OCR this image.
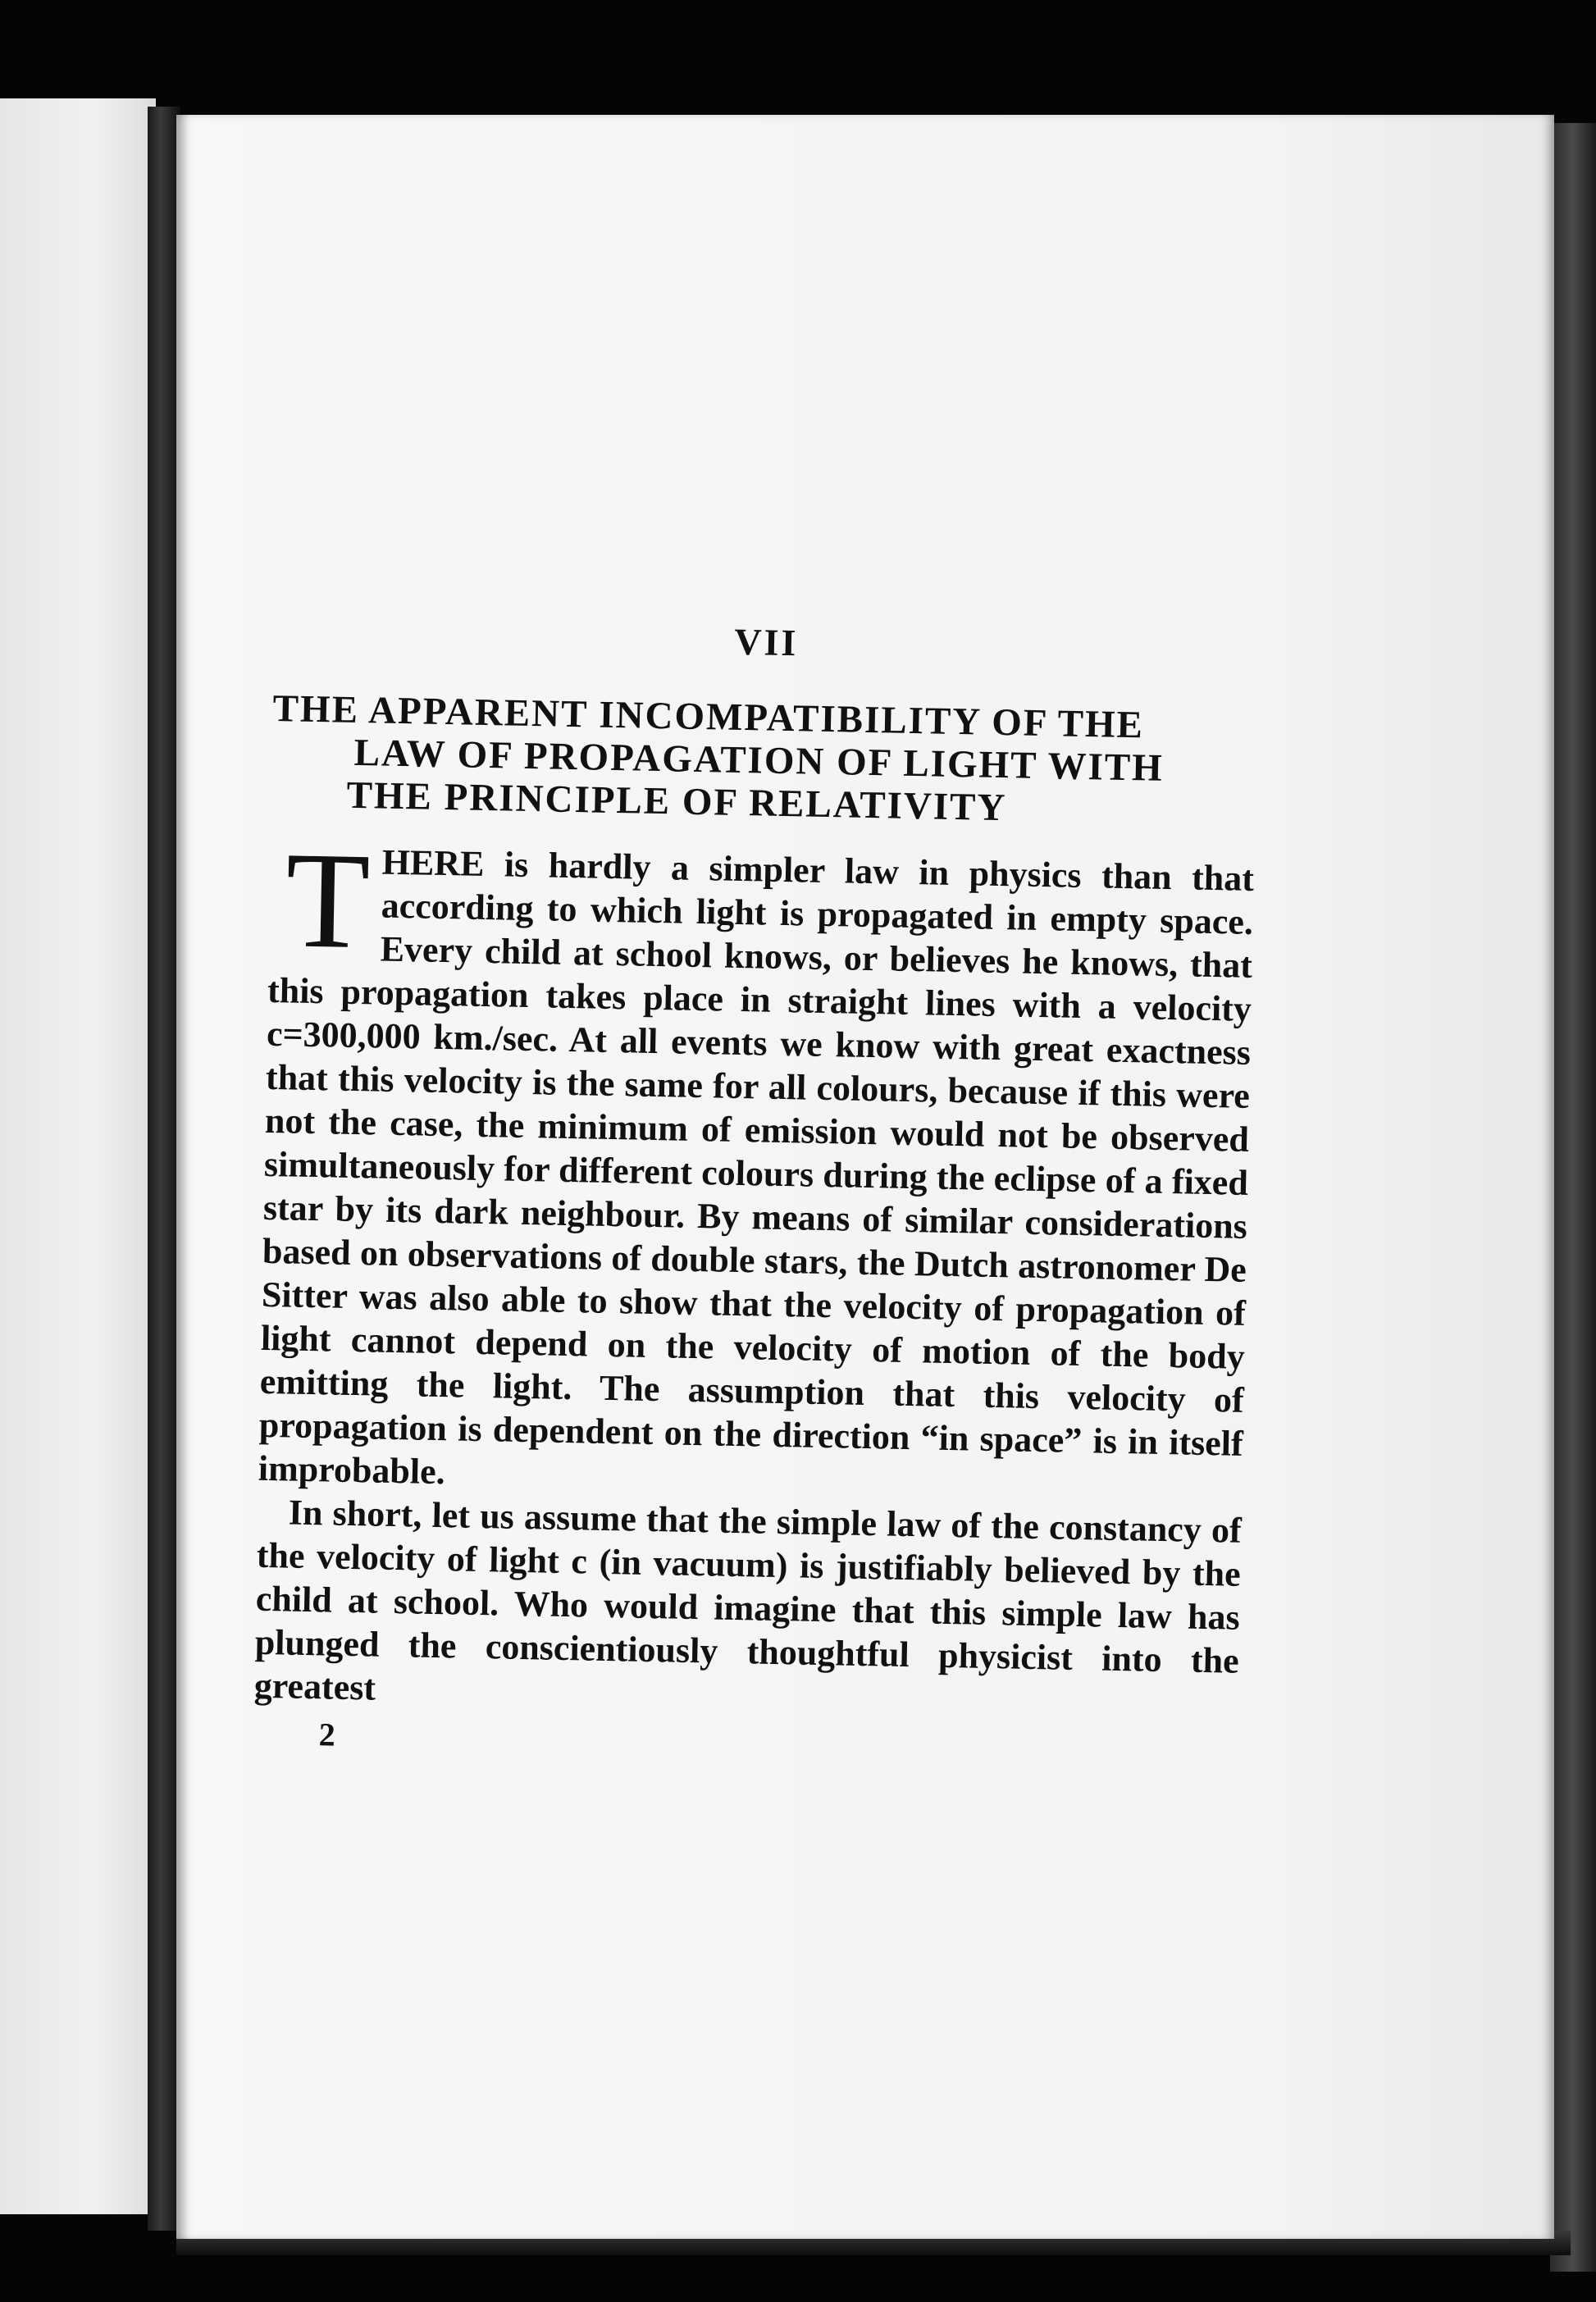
VII
THE APPARENT INCOMPATIBILITY OF THE
LAW OF PROPAGATION OF LIGHT WITH
THE PRINCIPLE OF RELATIVITY

T HERE is hardly a simpler law in physics than that according to which light is propagated in empty space. Every child at school knows, or believes he knows, that this propagation takes place in straight lines with a velocity c=300,000 km./sec. At all events we know with great exactness that this velocity is the same for all colours, because if this were not the case, the minimum of emission would not be observed simultaneously for different colours during the eclipse of a fixed star by its dark neighbour. By means of similar considerations based on observations of double stars, the Dutch astronomer De Sitter was also able to show that the velocity of propagation of light cannot depend on the velocity of motion of the body emitting the light. The assumption that this velocity of propagation is dependent on the direction “in space” is in itself improbable.

In short, let us assume that the simple law of the constancy of the velocity of light c (in vacuum) is justifiably believed by the child at school. Who would imagine that this simple law has plunged the conscientiously thoughtful physicist into the greatest

2
